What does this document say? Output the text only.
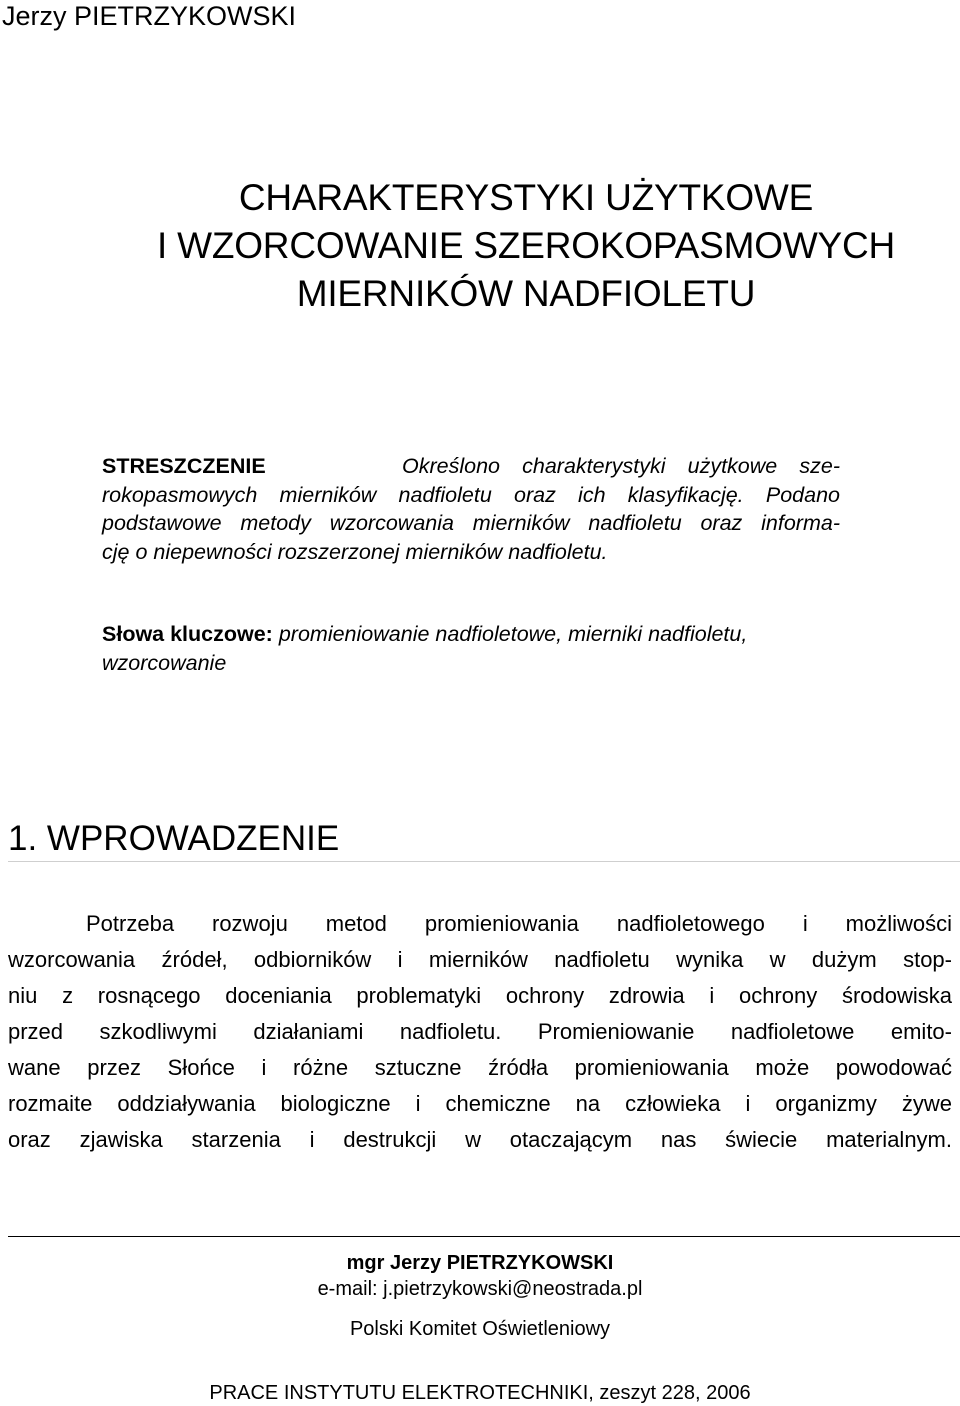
Jerzy PIETRZYKOWSKI
CHARAKTERYSTYKI UŻYTKOWE
I WZORCOWANIE SZEROKOPASMOWYCH
MIERNIKÓW NADFIOLETU
STRESZCZENIE	Określono charakterystyki użytkowe sze-
rokopasmowych mierników nadfioletu oraz ich klasyfikację. Podano
podstawowe metody wzorcowania mierników nadfioletu oraz informa-
cję o niepewności rozszerzonej mierników nadfioletu.
Słowa kluczowe: promieniowanie nadfioletowe, mierniki nadfioletu, wzorcowanie
1. WPROWADZENIE
Potrzeba rozwoju metod promieniowania nadfioletowego i możliwości
wzorcowania źródeł, odbiorników i mierników nadfioletu wynika w dużym stop-
niu z rosnącego doceniania problematyki ochrony zdrowia i ochrony środowiska
przed szkodliwymi działaniami nadfioletu. Promieniowanie nadfioletowe emito-
wane przez Słońce i różne sztuczne źródła promieniowania może powodować
rozmaite oddziaływania biologiczne i chemiczne na człowieka i organizmy żywe
oraz zjawiska starzenia i destrukcji w otaczającym nas świecie materialnym.
mgr Jerzy PIETRZYKOWSKI
e-mail: j.pietrzykowski@neostrada.pl
Polski Komitet Oświetleniowy
PRACE INSTYTUTU ELEKTROTECHNIKI, zeszyt 228, 2006
